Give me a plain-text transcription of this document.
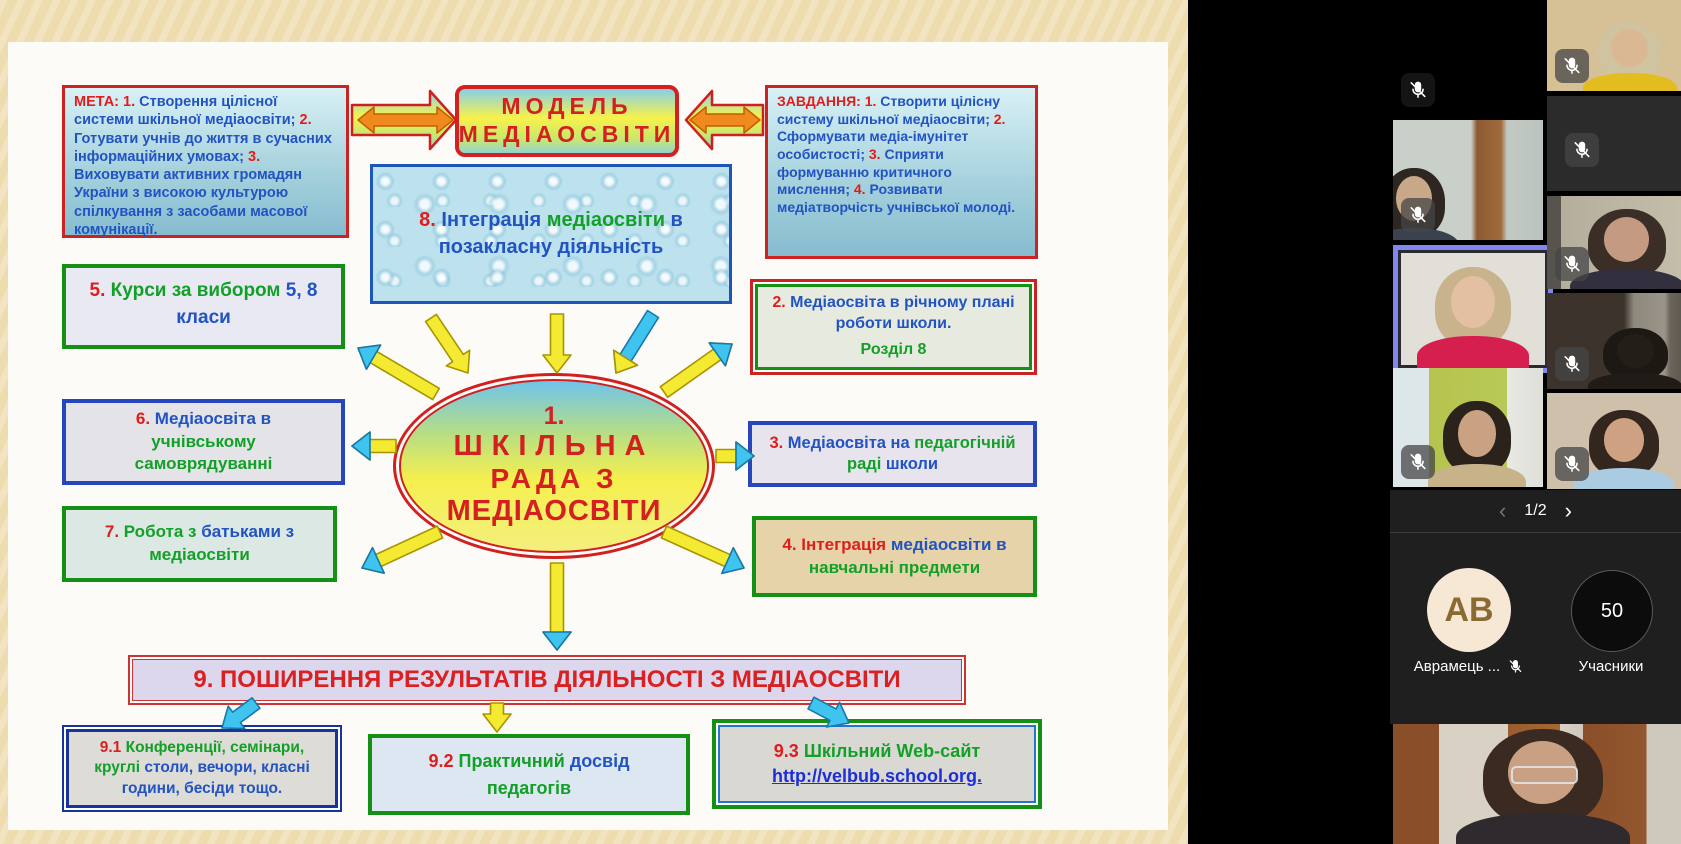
МЕТА: 1. Створення цілісної системи шкільної медіаосвіти; 2. Готувати учнів до життя в сучасних інформаційних умовах; 3. Виховувати активних громадян України з високою культурою спілкування з засобами масової комунікації.
МОДЕЛЬ
МЕДІАОСВІТИ
ЗАВДАННЯ: 1. Створити цілісну систему шкільної медіаосвіти; 2. Сформувати медіа-імунітет особистості; 3. Сприяти формуванню критичного мислення; 4. Розвивати медіатворчість учнівської молоді.
8. Інтеграція медіаосвіти в позакласну діяльність
5. Курси за вибором 5, 8 класи
2. Медіаосвіта в річному плані роботи школи.
Розділ 8
6. Медіаосвіта в учнівському самоврядуванні
3. Медіаосвіта на педагогічній раді школи
7. Робота з батьками з медіаосвіти
4. Інтеграція медіаосвіти в навчальні предмети
1.
ШКІЛЬНА
РАДА З
МЕДІАОСВІТИ
9. ПОШИРЕННЯ РЕЗУЛЬТАТІВ ДІЯЛЬНОСТІ З МЕДІАОСВІТИ
9.1 Конференції, семінари, круглі столи, вечори, класні години, бесіди тощо.
9.2 Практичний досвід педагогів
9.3 Шкільний Web-сайт
http://velbub.school.org.
‹ 1/2 ›
АВ	50
Аврамець ...	Учасники
